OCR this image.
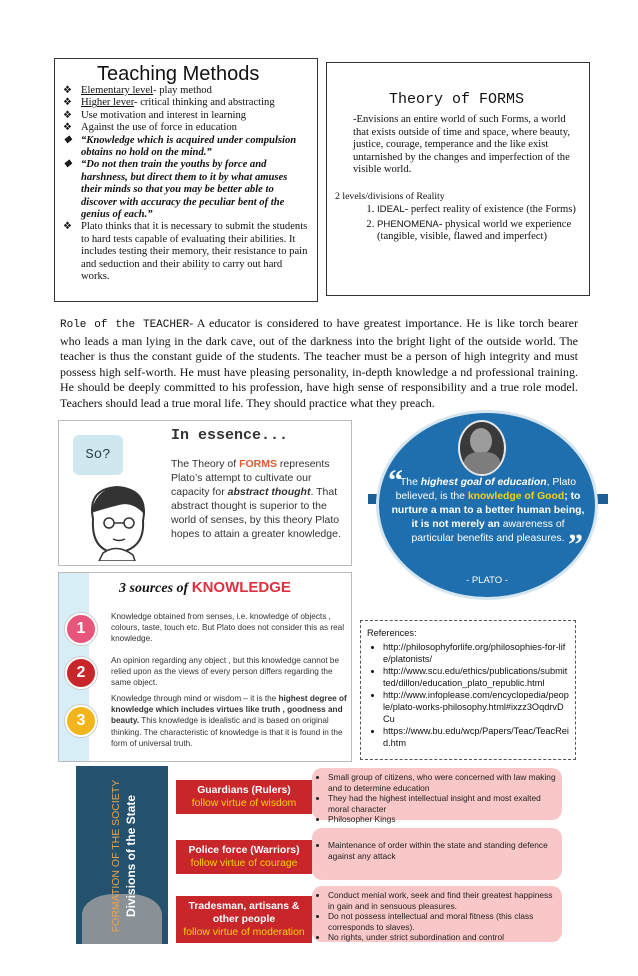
Teaching Methods
❖ Elementary level- play method
❖ Higher lever- critical thinking and abstracting
❖ Use motivation and interest in learning
❖ Against the use of force in education
❖ “Knowledge which is acquired under compulsion obtains no hold on the mind.”
❖ “Do not then train the youths by force and harshness, but direct them to it by what amuses their minds so that you may be better able to discover with accuracy the peculiar bent of the genius of each.”
❖ Plato thinks that it is necessary to submit the students to hard tests capable of evaluating their abilities. It includes testing their memory, their resistance to pain and seduction and their ability to carry out hard works.
Theory of FORMS

-Envisions an entire world of such Forms, a world that exists outside of time and space, where beauty, justice, courage, temperance and the like exist untarnished by the changes and imperfection of the visible world.

2 levels/divisions of Reality

1. IDEAL- perfect reality of existence (the Forms)
2. PHENOMENA- physical world we experience (tangible, visible, flawed and imperfect)
Role of the TEACHER- A educator is considered to have greatest importance. He is like torch bearer who leads a man lying in the dark cave, out of the darkness into the bright light of the outside world. The teacher is thus the constant guide of the students. The teacher must be a person of high integrity and must possess high self-worth. He must have pleasing personality, in-depth knowledge a nd professional training. He should be deeply committed to his profession, have high sense of responsibility and a true role model. Teachers should lead a true moral life. They should practice what they preach.
So?
In essence...
The Theory of FORMS represents Plato’s attempt to cultivate our capacity for abstract thought. That abstract thought is superior to the world of senses, by this theory Plato hopes to attain a greater knowledge.
“
The highest goal of education, Plato believed, is the knowledge of Good; to nurture a man to a better human being, it is not merely an awareness of particular benefits and pleasures. ”
- PLATO -
3 sources of KNOWLEDGE
1
Knowledge obtained from senses, i.e. knowledge of objects , colours, taste, touch etc. But Plato does not consider this as real knowledge.
2
An opinion regarding any object , but this knowledge cannot be relied upon as the views of every person differs regarding the same object.
3
Knowledge through mind or wisdom – it is the highest degree of knowledge which includes virtues like truth , goodness and beauty. This knowledge is idealistic and is based on original thinking. The characteristic of knowledge is that it is found in the form of universal truth.
References:
• http://philosophyforlife.org/philosophies-for-life/platonists/
• http://www.scu.edu/ethics/publications/submitted/dillon/education_plato_republic.html
• http://www.infoplease.com/encyclopedia/people/plato-works-philosophy.html#ixzz3OqdrvDCu
• https://www.bu.edu/wcp/Papers/Teac/TeacReid.htm
FORMATION OF THE SOCIETY Divisions of the State
Guardians (Rulers)
follow virtue of wisdom
• Small group of citizens, who were concerned with law making and to determine education
• They had the highest intellectual insight and most exalted moral character
• Philosopher Kings
Police force (Warriors)
follow virtue of courage
• Maintenance of order within the state and standing defence against any attack
Tradesman, artisans & other people
follow virtue of moderation
• Conduct menial work, seek and find their greatest happiness in gain and in sensuous pleasures.
• Do not possess intellectual and moral fitness (this class corresponds to slaves).
• No rights, under strict subordination and control
